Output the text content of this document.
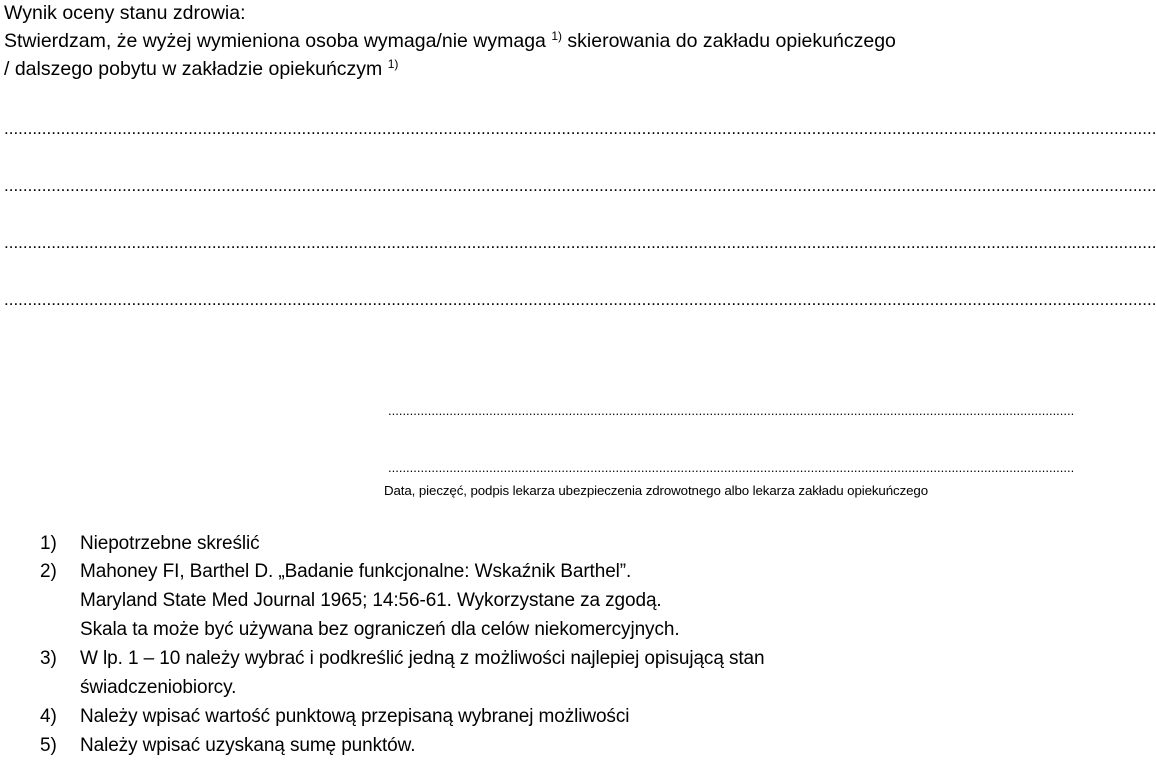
Wynik oceny stanu zdrowia:
Stwierdzam, że wyżej wymieniona osoba wymaga/nie wymaga $^{1)}$ skierowania do zakładu opiekuńczego
/ dalszego pobytu w zakładzie opiekuńczym $^{1)}$
....................................................................................................................................................................................................................................................
....................................................................................................................................................................................................................................................
....................................................................................................................................................................................................................................................
....................................................................................................................................................................................................................................................
..............................................................................................................................................................................................
..............................................................................................................................................................................................
Data, pieczęć, podpis lekarza ubezpieczenia zdrowotnego albo lekarza zakładu opiekuńczego
1) Niepotrzebne skreślić
2) Mahoney FI, Barthel D. „Badanie funkcjonalne: Wskaźnik Barthel”.
Maryland State Med Journal 1965; 14:56-61. Wykorzystane za zgodą.
Skala ta może być używana bez ograniczeń dla celów niekomercyjnych.
3) W lp. 1 – 10 należy wybrać i podkreślić jedną z możliwości najlepiej opisującą stan
świadczeniobiorcy.
4) Należy wpisać wartość punktową przepisaną wybranej możliwości
5) Należy wpisać uzyskaną sumę punktów.
